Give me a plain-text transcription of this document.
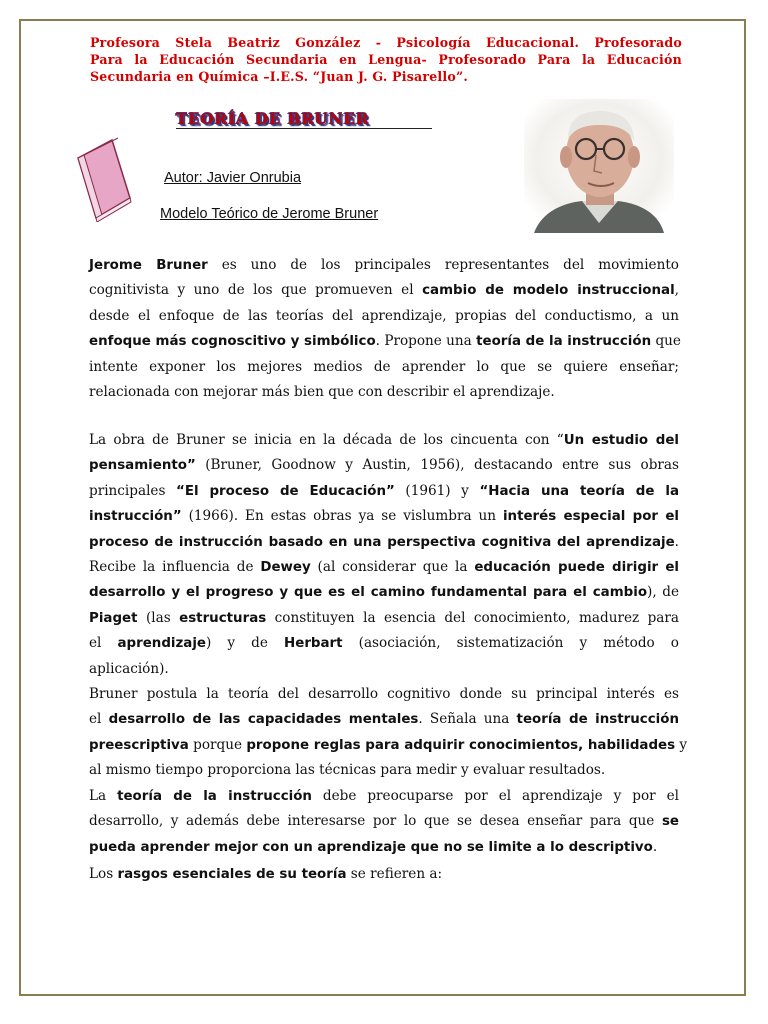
Profesora Stela Beatriz González - Psicología Educacional. Profesorado
Para la Educación Secundaria en Lengua- Profesorado Para la Educación
Secundaria en Química –I.E.S. “Juan J. G. Pisarello”.
TEORÍA DE BRUNER
Autor: Javier Onrubia
Modelo Teórico de Jerome Bruner
Jerome Bruner es uno de los principales representantes del movimiento
cognitivista y uno de los que promueven el cambio de modelo instruccional,
desde el enfoque de las teorías del aprendizaje, propias del conductismo, a un
enfoque más cognoscitivo y simbólico. Propone una teoría de la instrucción que
intente exponer los mejores medios de aprender lo que se quiere enseñar;
relacionada con mejorar más bien que con describir el aprendizaje.
La obra de Bruner se inicia en la década de los cincuenta con “Un estudio del
pensamiento” (Bruner, Goodnow y Austin, 1956), destacando entre sus obras
principales “El proceso de Educación” (1961) y “Hacia una teoría de la
instrucción” (1966). En estas obras ya se vislumbra un interés especial por el
proceso de instrucción basado en una perspectiva cognitiva del aprendizaje.
Recibe la influencia de Dewey (al considerar que la educación puede dirigir el
desarrollo y el progreso y que es el camino fundamental para el cambio), de
Piaget (las estructuras constituyen la esencia del conocimiento, madurez para
el aprendizaje) y de Herbart (asociación, sistematización y método o
aplicación).
Bruner postula la teoría del desarrollo cognitivo donde su principal interés es
el desarrollo de las capacidades mentales. Señala una teoría de instrucción
preescriptiva porque propone reglas para adquirir conocimientos, habilidades y
al mismo tiempo proporciona las técnicas para medir y evaluar resultados.
La teoría de la instrucción debe preocuparse por el aprendizaje y por el
desarrollo, y además debe interesarse por lo que se desea enseñar para que se
pueda aprender mejor con un aprendizaje que no se limite a lo descriptivo.
Los rasgos esenciales de su teoría se refieren a:
